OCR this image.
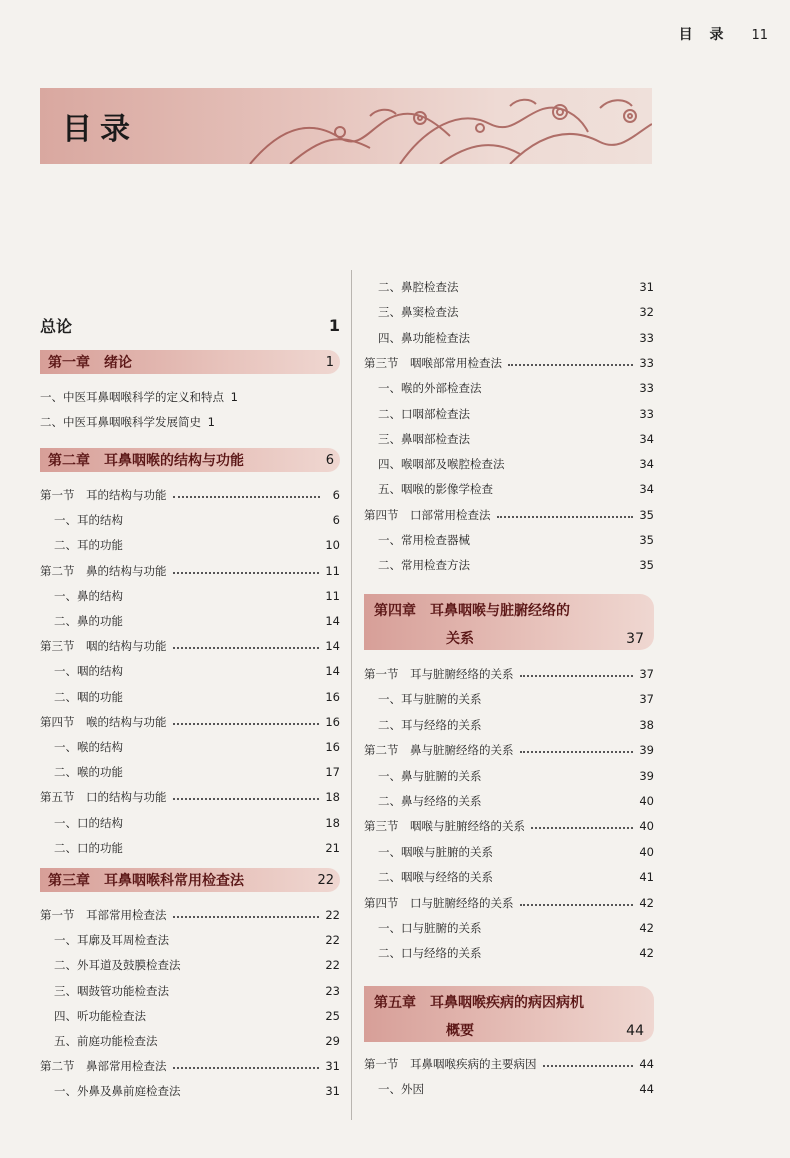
目 录 11
目录
总论	1
第一章　绪论	1
一、中医耳鼻咽喉科学的定义和特点 1
二、中医耳鼻咽喉科学发展简史 1
第二章　耳鼻咽喉的结构与功能	6
第一节　耳的结构与功能	6
一、耳的结构	6
二、耳的功能	10
第二节　鼻的结构与功能	11
一、鼻的结构	11
二、鼻的功能	14
第三节　咽的结构与功能	14
一、咽的结构	14
二、咽的功能	16
第四节　喉的结构与功能	16
一、喉的结构	16
二、喉的功能	17
第五节　口的结构与功能	18
一、口的结构	18
二、口的功能	21
第三章　耳鼻咽喉科常用检查法	22
第一节　耳部常用检查法	22
一、耳廓及耳周检查法	22
二、外耳道及鼓膜检查法	22
三、咽鼓管功能检查法	23
四、听功能检查法	25
五、前庭功能检查法	29
第二节　鼻部常用检查法	31
一、外鼻及鼻前庭检查法	31
二、鼻腔检查法	31
三、鼻窦检查法	32
四、鼻功能检查法	33
第三节　咽喉部常用检查法	33
一、喉的外部检查法	33
二、口咽部检查法	33
三、鼻咽部检查法	34
四、喉咽部及喉腔检查法	34
五、咽喉的影像学检查	34
第四节　口部常用检查法	35
一、常用检查器械	35
二、常用检查方法	35
第四章　耳鼻咽喉与脏腑经络的
关系	37
第一节　耳与脏腑经络的关系	37
一、耳与脏腑的关系	37
二、耳与经络的关系	38
第二节　鼻与脏腑经络的关系	39
一、鼻与脏腑的关系	39
二、鼻与经络的关系	40
第三节　咽喉与脏腑经络的关系	40
一、咽喉与脏腑的关系	40
二、咽喉与经络的关系	41
第四节　口与脏腑经络的关系	42
一、口与脏腑的关系	42
二、口与经络的关系	42
第五章　耳鼻咽喉疾病的病因病机
概要	44
第一节　耳鼻咽喉疾病的主要病因	44
一、外因	44
